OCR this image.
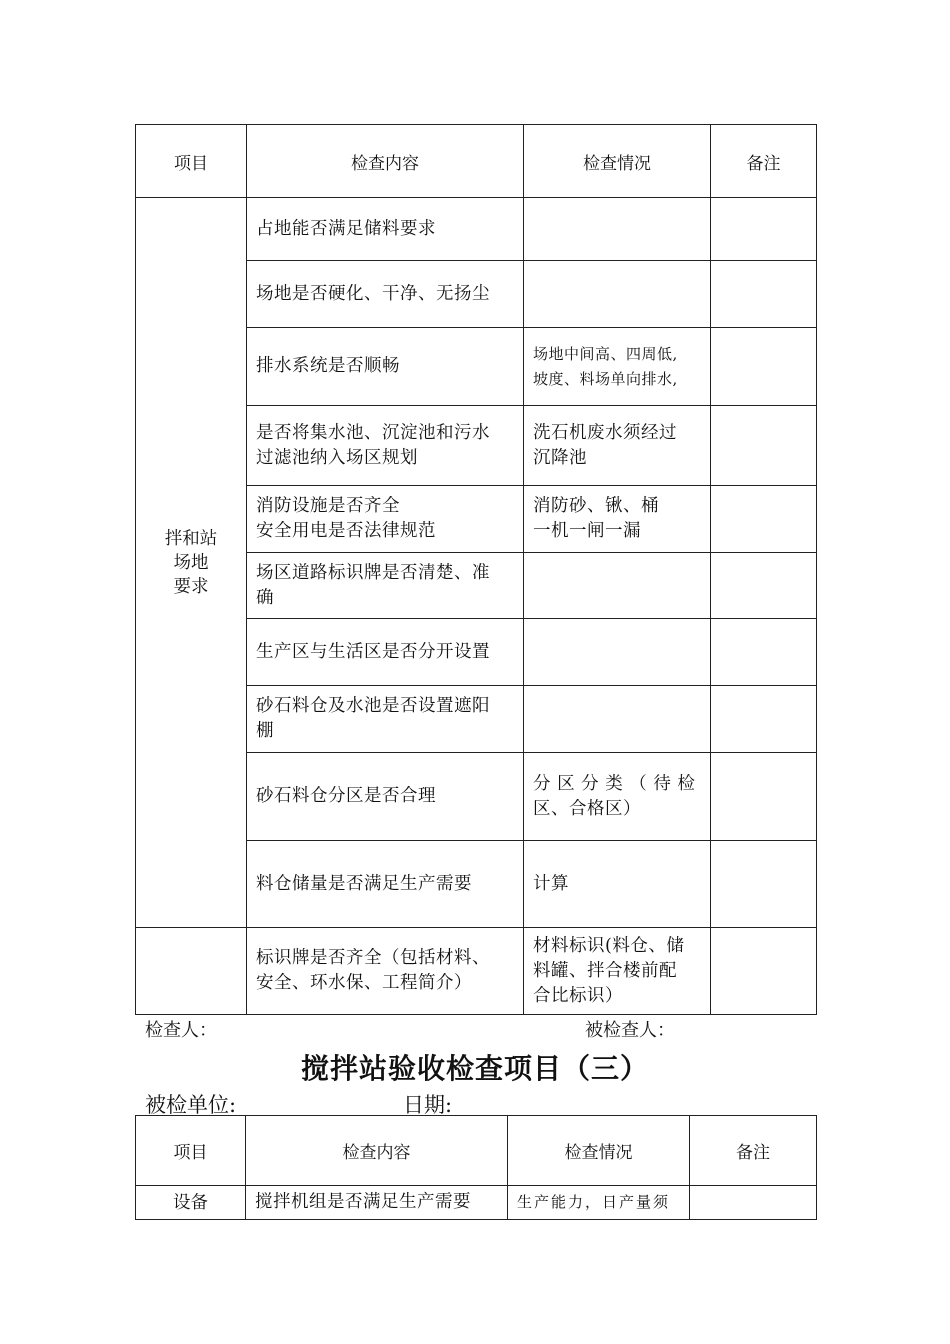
项目	检查内容	检查情况	备注

拌和站
场地
要求	占地能否满足储料要求		

	场地是否硬化、干净、无扬尘		

	排水系统是否顺畅	场地中间高、四周低,
坡度、料场单向排水,	

	是否将集水池、沉淀池和污水
过滤池纳入场区规划	洗石机废水须经过
沉降池	

	消防设施是否齐全
安全用电是否法律规范	消防砂、锹、桶
一机一闸一漏	

	场区道路标识牌是否清楚、准
确		

	生产区与生活区是否分开设置		

	砂石料仓及水池是否设置遮阳
棚		

	砂石料仓分区是否合理	分 区 分 类 （ 待 检
区、合格区）	

	料仓储量是否满足生产需要	计算	

	标识牌是否齐全（包括材料、
安全、环水保、工程简介）	材料标识(料仓、储
料罐、拌合楼前配
合比标识）	

检查人：	被检查人：
搅拌站验收检查项目（三）
被检单位:	日期:
项目	检查内容	检查情况	备注
设备	搅拌机组是否满足生产需要	生产能力，日产量须	
